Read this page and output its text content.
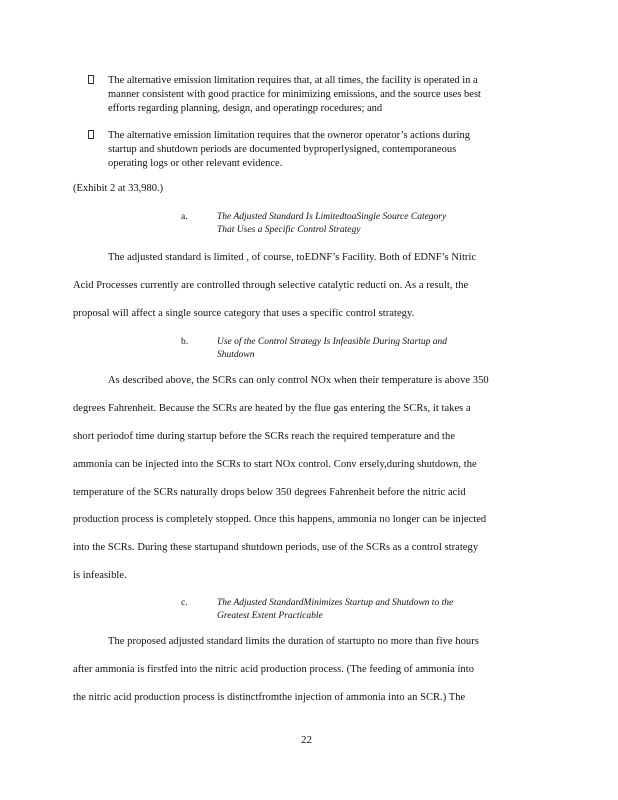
The alternative emission limitation requires that, at all times, the facility is operated in a
manner consistent with good practice for minimizing emissions, and the source uses best
efforts regarding planning, design, and operatingp rocedures; and
The alternative emission limitation requires that the owneror operator’s actions during
startup and shutdown periods are documented byproperlysigned, contemporaneous
operating logs or other relevant evidence.
(Exhibit 2 at 33,980.)
a.	The Adjusted Standard Is LimitedtoaSingle Source Category
That Uses a Specific Control Strategy
The adjusted standard is limited , of course, toEDNF’s Facility. Both of EDNF’s Nitric
Acid Processes currently are controlled through selective catalytic reducti on. As a result, the
proposal will affect a single source category that uses a specific control strategy.
b.	Use of the Control Strategy Is Infeasible During Startup and
Shutdown
As described above, the SCRs can only control NOx when their temperature is above 350
degrees Fahrenheit. Because the SCRs are heated by the flue gas entering the SCRs, it takes a
short periodof time during startup before the SCRs reach the required temperature and the
ammonia can be injected into the SCRs to start NOx control. Conv ersely,during shutdown, the
temperature of the SCRs naturally drops below 350 degrees Fahrenheit before the nitric acid
production process is completely stopped. Once this happens, ammonia no longer can be injected
into the SCRs. During these startupand shutdown periods, use of the SCRs as a control strategy
is infeasible.
c.	The Adjusted StandardMinimizes Startup and Shutdown to the
Greatest Extent Practicable
The proposed adjusted standard limits the duration of startupto no more than five hours
after ammonia is firstfed into the nitric acid production process. (The feeding of ammonia into
the nitric acid production process is distinctfromthe injection of ammonia into an SCR.) The
22
